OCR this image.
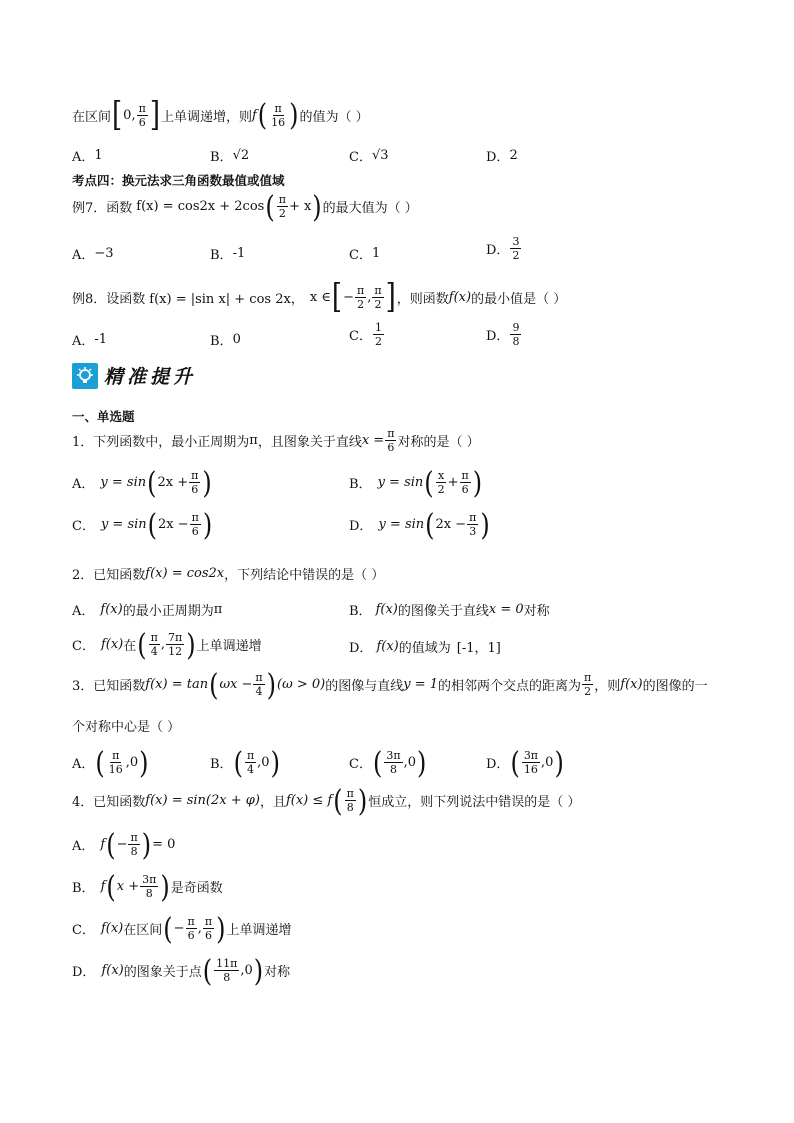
在区间 [ 0, $\frac{\pi}{6}$ ] 上单调递增，则 f ( $\frac{\pi}{16}$ ) 的值为（ ）
A． 1	B． √2	C． √3	D． 2
考点四：换元法求三角函数最值或值域
例7．函数 f(x) = cos2x + 2cos ( $\frac{\pi}{2} + x$ ) 的最大值为（ ）
A． −3	B． -1	C． 1	D． $\frac{3}{2}$
例8．设函数 f(x) = |sin x| + cos 2x， x ∈ [ − $\frac{\pi}{2}$ , $\frac{\pi}{2}$ ] ，则函数 f(x) 的最小值是（ ）
A． -1	B． 0	C． $\frac{1}{2}$	D． $\frac{9}{8}$
精准提升
一、单选题
1．下列函数中，最小正周期为 π ，且图象关于直线 $x = \frac{\pi}{6}$ 对称的是（ ）
A． y = sin ( $2x + \frac{\pi}{6}$ )	B． y = sin ( $\frac{x}{2} + \frac{\pi}{6}$ )
C． y = sin ( $2x - \frac{\pi}{6}$ )	D． y = sin ( $2x - \frac{\pi}{3}$ )
2．已知函数 f(x) = cos2x ，下列结论中错误的是（ ）
A． f(x) 的最小正周期为 π	B． f(x) 的图像关于直线 x = 0 对称
C． f(x) 在 ( $\frac{\pi}{4}$ , $\frac{7\pi}{12}$ ) 上单调递增	D． f(x) 的值域为 [-1，1]
3．已知函数 f(x) = tan ( $\omega x - \frac{\pi}{4}$ ) (ω > 0) 的图像与直线 y = 1 的相邻两个交点的距离为 $\frac{\pi}{2}$ ，则 f(x) 的图像的一
个对称中心是（ ）
A． ( $\frac{\pi}{16} ,0$ )	B． ( $\frac{\pi}{4} ,0$ )	C． ( $\frac{3\pi}{8} ,0$ )	D． ( $\frac{3\pi}{16} ,0$ )
4．已知函数 f(x) = sin(2x + φ) ，且 f(x) ≤ f ( $\frac{\pi}{8}$ ) 恒成立，则下列说法中错误的是（ ）
A． f ( − $\frac{\pi}{8}$ ) = 0
B． f ( $x + \frac{3\pi}{8}$ ) 是奇函数
C． f(x) 在区间 ( − $\frac{\pi}{6}$ , $\frac{\pi}{6}$ ) 上单调递增
D． f(x) 的图象关于点 ( $\frac{11\pi}{8} ,0$ ) 对称
